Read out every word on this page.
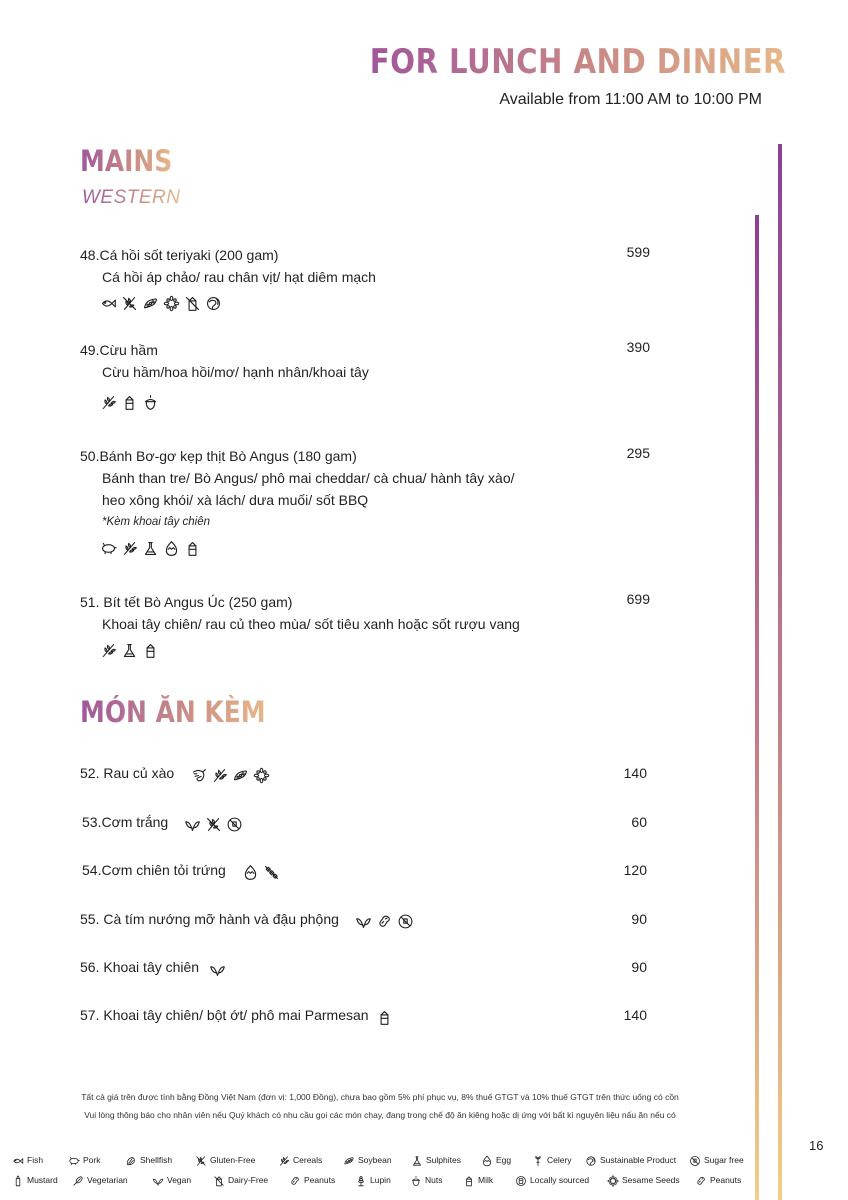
FOR LUNCH AND DINNER
Available from 11:00 AM to 10:00 PM
MAINS
WESTERN
48.Cá hồi sốt teriyaki (200 gam)
Cá hồi áp chảo/ rau chân vịt/ hạt diêm mạch
599
49.Cừu hầm
Cừu hầm/hoa hồi/mơ/ hạnh nhân/khoai tây
390
50.Bánh Bơ-gơ kẹp thịt Bò Angus (180 gam)
Bánh than tre/ Bò Angus/ phô mai cheddar/ cà chua/ hành tây xào/
heo xông khói/ xà lách/ dưa muối/ sốt BBQ
*Kèm khoai tây chiên
295
51. Bít tết Bò Angus Úc (250 gam)
Khoai tây chiên/ rau củ theo mùa/ sốt tiêu xanh hoặc sốt rượu vang
699
MÓN ĂN KÈM
52. Rau củ xào	140
53.Cơm trắng	60
54.Cơm chiên tỏi trứng	120
55. Cà tím nướng mỡ hành và đậu phộng	90
56. Khoai tây chiên	90
57. Khoai tây chiên/ bột ớt/ phô mai Parmesan	140
Tất cả giá trên được tính bằng Đồng Việt Nam (đơn vị: 1,000 Đồng), chưa bao gồm 5% phí phục vụ, 8% thuế GTGT và 10% thuế GTGT trên thức uống có cồn
Vui lòng thông báo cho nhân viên nếu Quý khách có nhu cầu gọi các món chay, đang trong chế độ ăn kiêng hoặc dị ứng với bất kì nguyên liệu nấu ăn nếu có
16
Fish	Pork	Shellfish	Gluten-Free	Cereals	Soybean	Sulphites	Egg	Celery	Sustainable Product	Sugar free
Mustard	Vegetarian	Vegan	Dairy-Free	Peanuts	Lupin	Nuts	Milk	Locally sourced	Sesame Seeds	Peanuts
